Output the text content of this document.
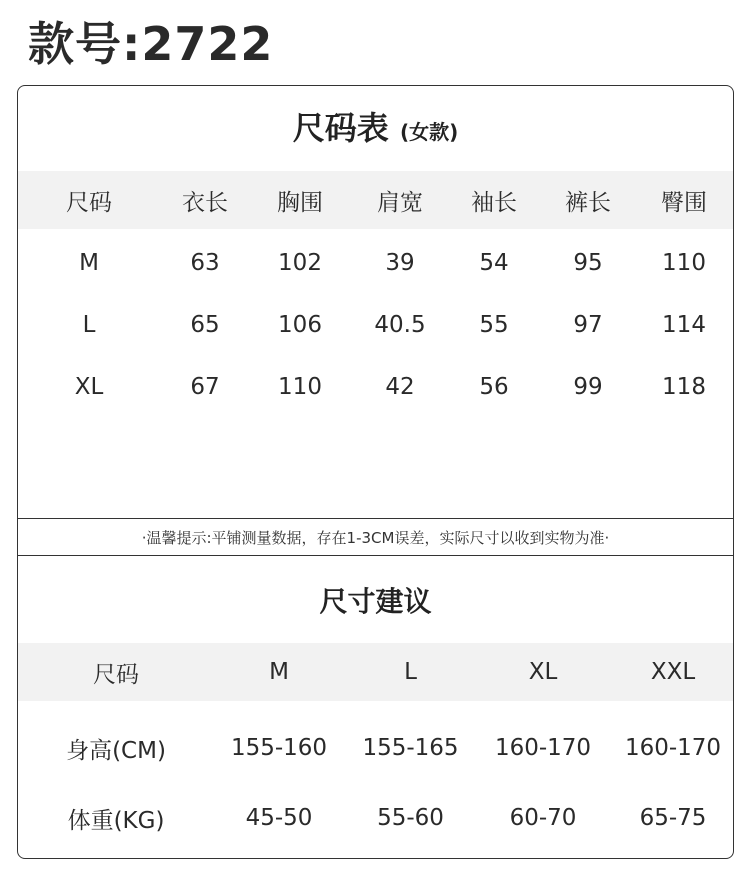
款号:2722
尺码表 (女款)
尺码	衣长	胸围	肩宽	袖长	裤长	臀围
M	63	102	39	54	95	110
L	65	106	40.5	55	97	114
XL	67	110	42	56	99	118
·温馨提示:平铺测量数据，存在1-3CM误差，实际尺寸以收到实物为准·
尺寸建议
尺码	M	L	XL	XXL
身高(CM)	155-160	155-165	160-170	160-170
体重(KG)	45-50	55-60	60-70	65-75
